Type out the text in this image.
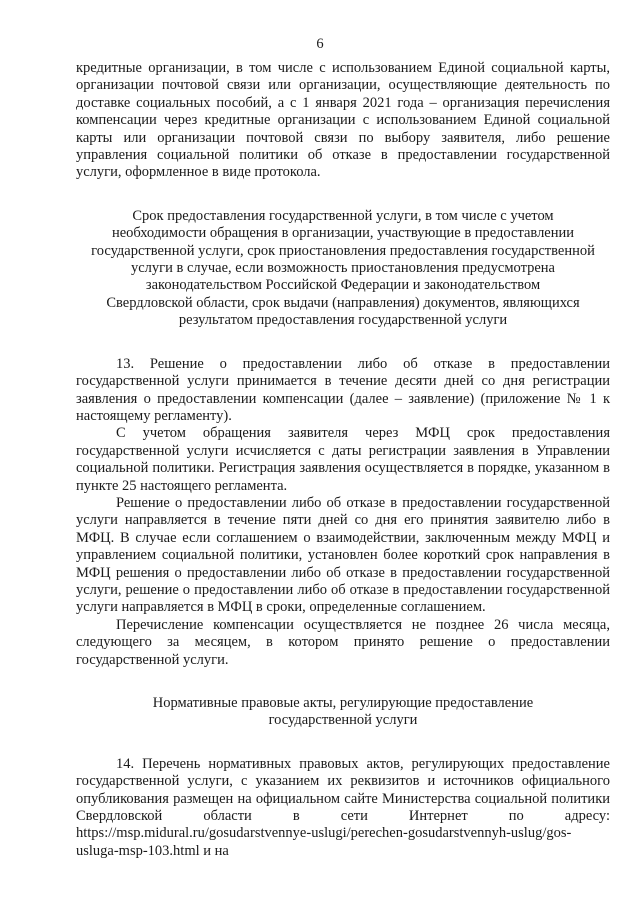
6

кредитные организации, в том числе с использованием Единой социальной карты, организации почтовой связи или организации, осуществляющие деятельность по доставке социальных пособий, а с 1 января 2021 года – организация перечисления компенсации через кредитные организации с использованием Единой социальной карты или организации почтовой связи по выбору заявителя, либо решение управления социальной политики об отказе в предоставлении государственной услуги, оформленное в виде протокола.

Срок предоставления государственной услуги, в том числе с учетом

необходимости обращения в организации, участвующие в предоставлении

государственной услуги, срок приостановления предоставления государственной

услуги в случае, если возможность приостановления предусмотрена

законодательством Российской Федерации и законодательством

Свердловской области, срок выдачи (направления) документов, являющихся

результатом предоставления государственной услуги

13. Решение о предоставлении либо об отказе в предоставлении государственной услуги принимается в течение десяти дней со дня регистрации заявления о предоставлении компенсации (далее – заявление) (приложение № 1 к настоящему регламенту).

С учетом обращения заявителя через МФЦ срок предоставления государственной услуги исчисляется с даты регистрации заявления в Управлении социальной политики. Регистрация заявления осуществляется в порядке, указанном в пункте 25 настоящего регламента.

Решение о предоставлении либо об отказе в предоставлении государственной услуги направляется в течение пяти дней со дня его принятия заявителю либо в МФЦ. В случае если соглашением о взаимодействии, заключенным между МФЦ и управлением социальной политики, установлен более короткий срок направления в МФЦ решения о предоставлении либо об отказе в предоставлении государственной услуги, решение о предоставлении либо об отказе в предоставлении государственной услуги направляется в МФЦ в сроки, определенные соглашением.

Перечисление компенсации осуществляется не позднее 26 числа месяца, следующего за месяцем, в котором принято решение о предоставлении государственной услуги.

Нормативные правовые акты, регулирующие предоставление

государственной услуги

14. Перечень нормативных правовых актов, регулирующих предоставление государственной услуги, с указанием их реквизитов и источников официального опубликования размещен на официальном сайте Министерства социальной политики Свердловской области в сети Интернет по адресу: https://msp.midural.ru/gosudarstvennye-uslugi/perechen-gosudarstvennyh-uslug/gos-usluga-msp-103.html и на
